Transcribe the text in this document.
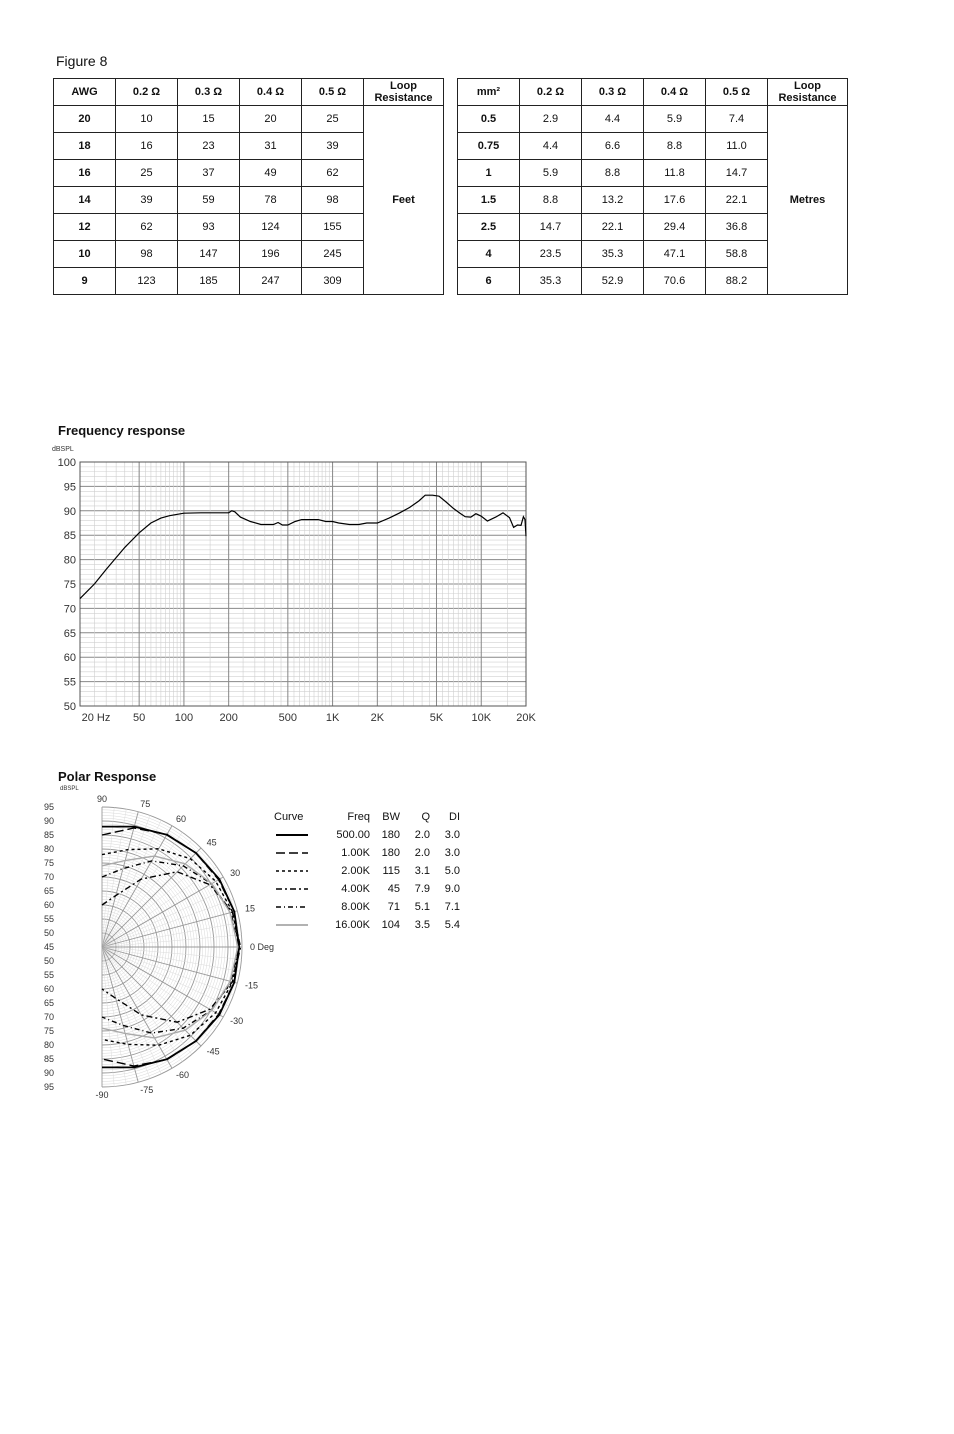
Figure 8
AWG	0.2 Ω	0.3 Ω	0.4 Ω	0.5 Ω	Loop Resistance
20	10	15	20	25	Feet
18	16	23	31	39	
16	25	37	49	62	
14	39	59	78	98	
12	62	93	124	155	
10	98	147	196	245	
9	123	185	247	309	
mm²	0.2 Ω	0.3 Ω	0.4 Ω	0.5 Ω	Loop Resistance
0.5	2.9	4.4	5.9	7.4	Metres
0.75	4.4	6.6	8.8	11.0	
1	5.9	8.8	11.8	14.7	
1.5	8.8	13.2	17.6	22.1	
2.5	14.7	22.1	29.4	36.8	
4	23.5	35.3	47.1	58.8	
6	35.3	52.9	70.6	88.2	
Frequency response
100
95
90
85
80
75
70
65
60
55
50
20 Hz 50	100 200	500	1K	2K	5K	10K 20K
dBSPL
Polar Response
95
90
85
80
75
70
65
60
55
50
45
50
55
60
65
70
75
80
85
90
95
dBSPL
90
75
60
45
30
15
0 Deg
-15
-30
-45
-60
-75
-90
Curve	Freq	BW	Q	DI
	500.00	180	2.0	3.0
	1.00K	180	2.0	3.0
	2.00K	115	3.1	5.0
	4.00K	45	7.9	9.0
	8.00K	71	5.1	7.1
	16.00K	104	3.5	5.4
